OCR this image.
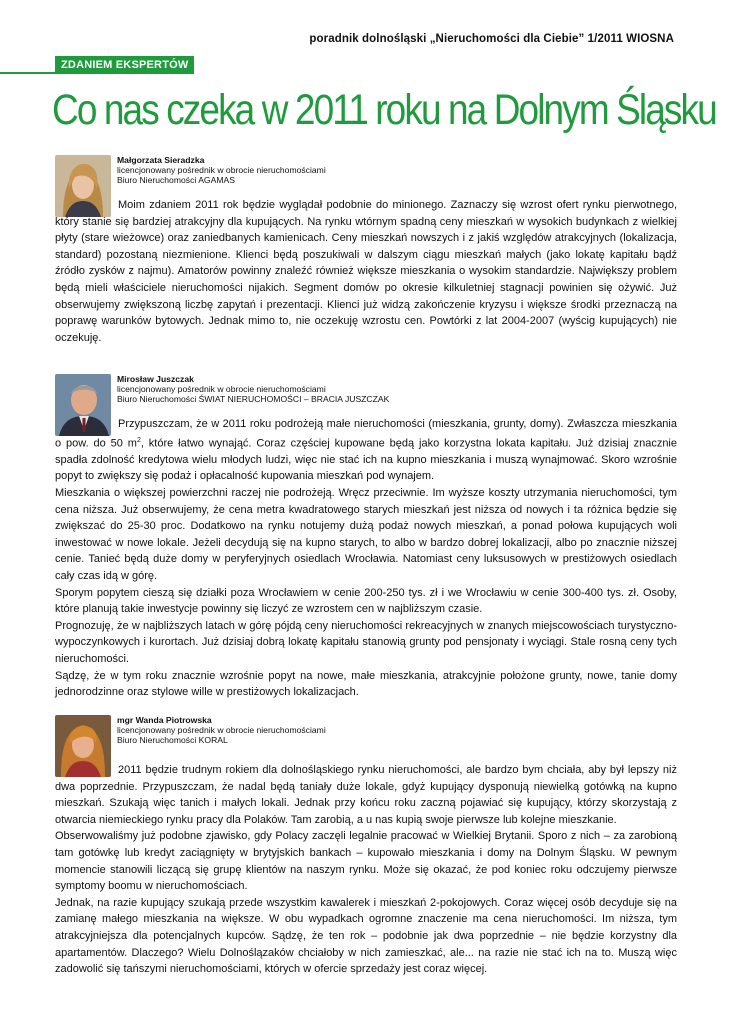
poradnik dolnośląski „Nieruchomości dla Ciebie” 1/2011 WIOSNA
ZDANIEM EKSPERTÓW
Co nas czeka w 2011 roku na Dolnym Śląsku
Małgorzata Sieradzka
licencjonowany pośrednik w obrocie nieruchomościami
Biuro Nieruchomości AGAMAS

Moim zdaniem 2011 rok będzie wyglądał podobnie do minionego. Zaznaczy się wzrost ofert rynku pierwotnego, który stanie się bardziej atrakcyjny dla kupujących. Na rynku wtórnym spadną ceny mieszkań w wysokich budynkach z wielkiej płyty (stare wieżowce) oraz zaniedbanych kamienicach. Ceny mieszkań nowszych i z jakiś względów atrakcyjnych (lokalizacja, standard) pozostaną niezmienione. Klienci będą poszukiwali w dalszym ciągu mieszkań małych (jako lokatę kapitału bądź źródło zysków z najmu). Amatorów powinny znaleźć również większe mieszkania o wysokim standardzie. Największy problem będą mieli właściciele nieruchomości nijakich. Segment domów po okresie kilkuletniej stagnacji powinien się ożywić. Już obserwujemy zwiększoną liczbę zapytań i prezentacji. Klienci już widzą zakończenie kryzysu i większe środki przeznaczą na poprawę warunków bytowych. Jednak mimo to, nie oczekuję wzrostu cen. Powtórki z lat 2004-2007 (wyścig kupujących) nie oczekuję.

Mirosław Juszczak
licencjonowany pośrednik w obrocie nieruchomościami
Biuro Nieruchomości ŚWIAT NIERUCHOMOŚCI – BRACIA JUSZCZAK

Przypuszczam, że w 2011 roku podrożeją małe nieruchomości (mieszkania, grunty, domy). Zwłaszcza mieszkania o pow. do 50 $m^2$, które łatwo wynająć. Coraz częściej kupowane będą jako korzystna lokata kapitału. Już dzisiaj znacznie spadła zdolność kredytowa wielu młodych ludzi, więc nie stać ich na kupno mieszkania i muszą wynajmować. Skoro wzrośnie popyt to zwiększy się podaż i opłacalność kupowania mieszkań pod wynajem.

Mieszkania o większej powierzchni raczej nie podrożeją. Wręcz przeciwnie. Im wyższe koszty utrzymania nieruchomości, tym cena niższa. Już obserwujemy, że cena metra kwadratowego starych mieszkań jest niższa od nowych i ta różnica będzie się zwiększać do 25-30 proc. Dodatkowo na rynku notujemy dużą podaż nowych mieszkań, a ponad połowa kupujących woli inwestować w nowe lokale. Jeżeli decydują się na kupno starych, to albo w bardzo dobrej lokalizacji, albo po znacznie niższej cenie. Tanieć będą duże domy w peryferyjnych osiedlach Wrocławia. Natomiast ceny luksusowych w prestiżowych osiedlach cały czas idą w górę.

Sporym popytem cieszą się działki poza Wrocławiem w cenie 200-250 tys. zł i we Wrocławiu w cenie 300-400 tys. zł. Osoby, które planują takie inwestycje powinny się liczyć ze wzrostem cen w najbliższym czasie.

Prognozuję, że w najbliższych latach w górę pójdą ceny nieruchomości rekreacyjnych w znanych miejscowościach turystyczno-wypoczynkowych i kurortach. Już dzisiaj dobrą lokatę kapitału stanowią grunty pod pensjonaty i wyciągi. Stale rosną ceny tych nieruchomości.

Sądzę, że w tym roku znacznie wzrośnie popyt na nowe, małe mieszkania, atrakcyjnie położone grunty, nowe, tanie domy jednorodzinne oraz stylowe wille w prestiżowych lokalizacjach.

mgr Wanda Piotrowska
licencjonowany pośrednik w obrocie nieruchomościami
Biuro Nieruchomości KORAL

2011 będzie trudnym rokiem dla dolnośląskiego rynku nieruchomości, ale bardzo bym chciała, aby był lepszy niż dwa poprzednie. Przypuszczam, że nadal będą taniały duże lokale, gdyż kupujący dysponują niewielką gotówką na kupno mieszkań. Szukają więc tanich i małych lokali. Jednak przy końcu roku zaczną pojawiać się kupujący, którzy skorzystają z otwarcia niemieckiego rynku pracy dla Polaków. Tam zarobią, a u nas kupią swoje pierwsze lub kolejne mieszkanie.

Obserwowaliśmy już podobne zjawisko, gdy Polacy zaczęli legalnie pracować w Wielkiej Brytanii. Sporo z nich – za zarobioną tam gotówkę lub kredyt zaciągnięty w brytyjskich bankach – kupowało mieszkania i domy na Dolnym Śląsku. W pewnym momencie stanowili liczącą się grupę klientów na naszym rynku. Może się okazać, że pod koniec roku odczujemy pierwsze symptomy boomu w nieruchomościach.

Jednak, na razie kupujący szukają przede wszystkim kawalerek i mieszkań 2-pokojowych. Coraz więcej osób decyduje się na zamianę małego mieszkania na większe. W obu wypadkach ogromne znaczenie ma cena nieruchomości. Im niższa, tym atrakcyjniejsza dla potencjalnych kupców. Sądzę, że ten rok – podobnie jak dwa poprzednie – nie będzie korzystny dla apartamentów. Dlaczego? Wielu Dolnoślązaków chciałoby w nich zamieszkać, ale... na razie nie stać ich na to. Muszą więc zadowolić się tańszymi nieruchomościami, których w ofercie sprzedaży jest coraz więcej.
